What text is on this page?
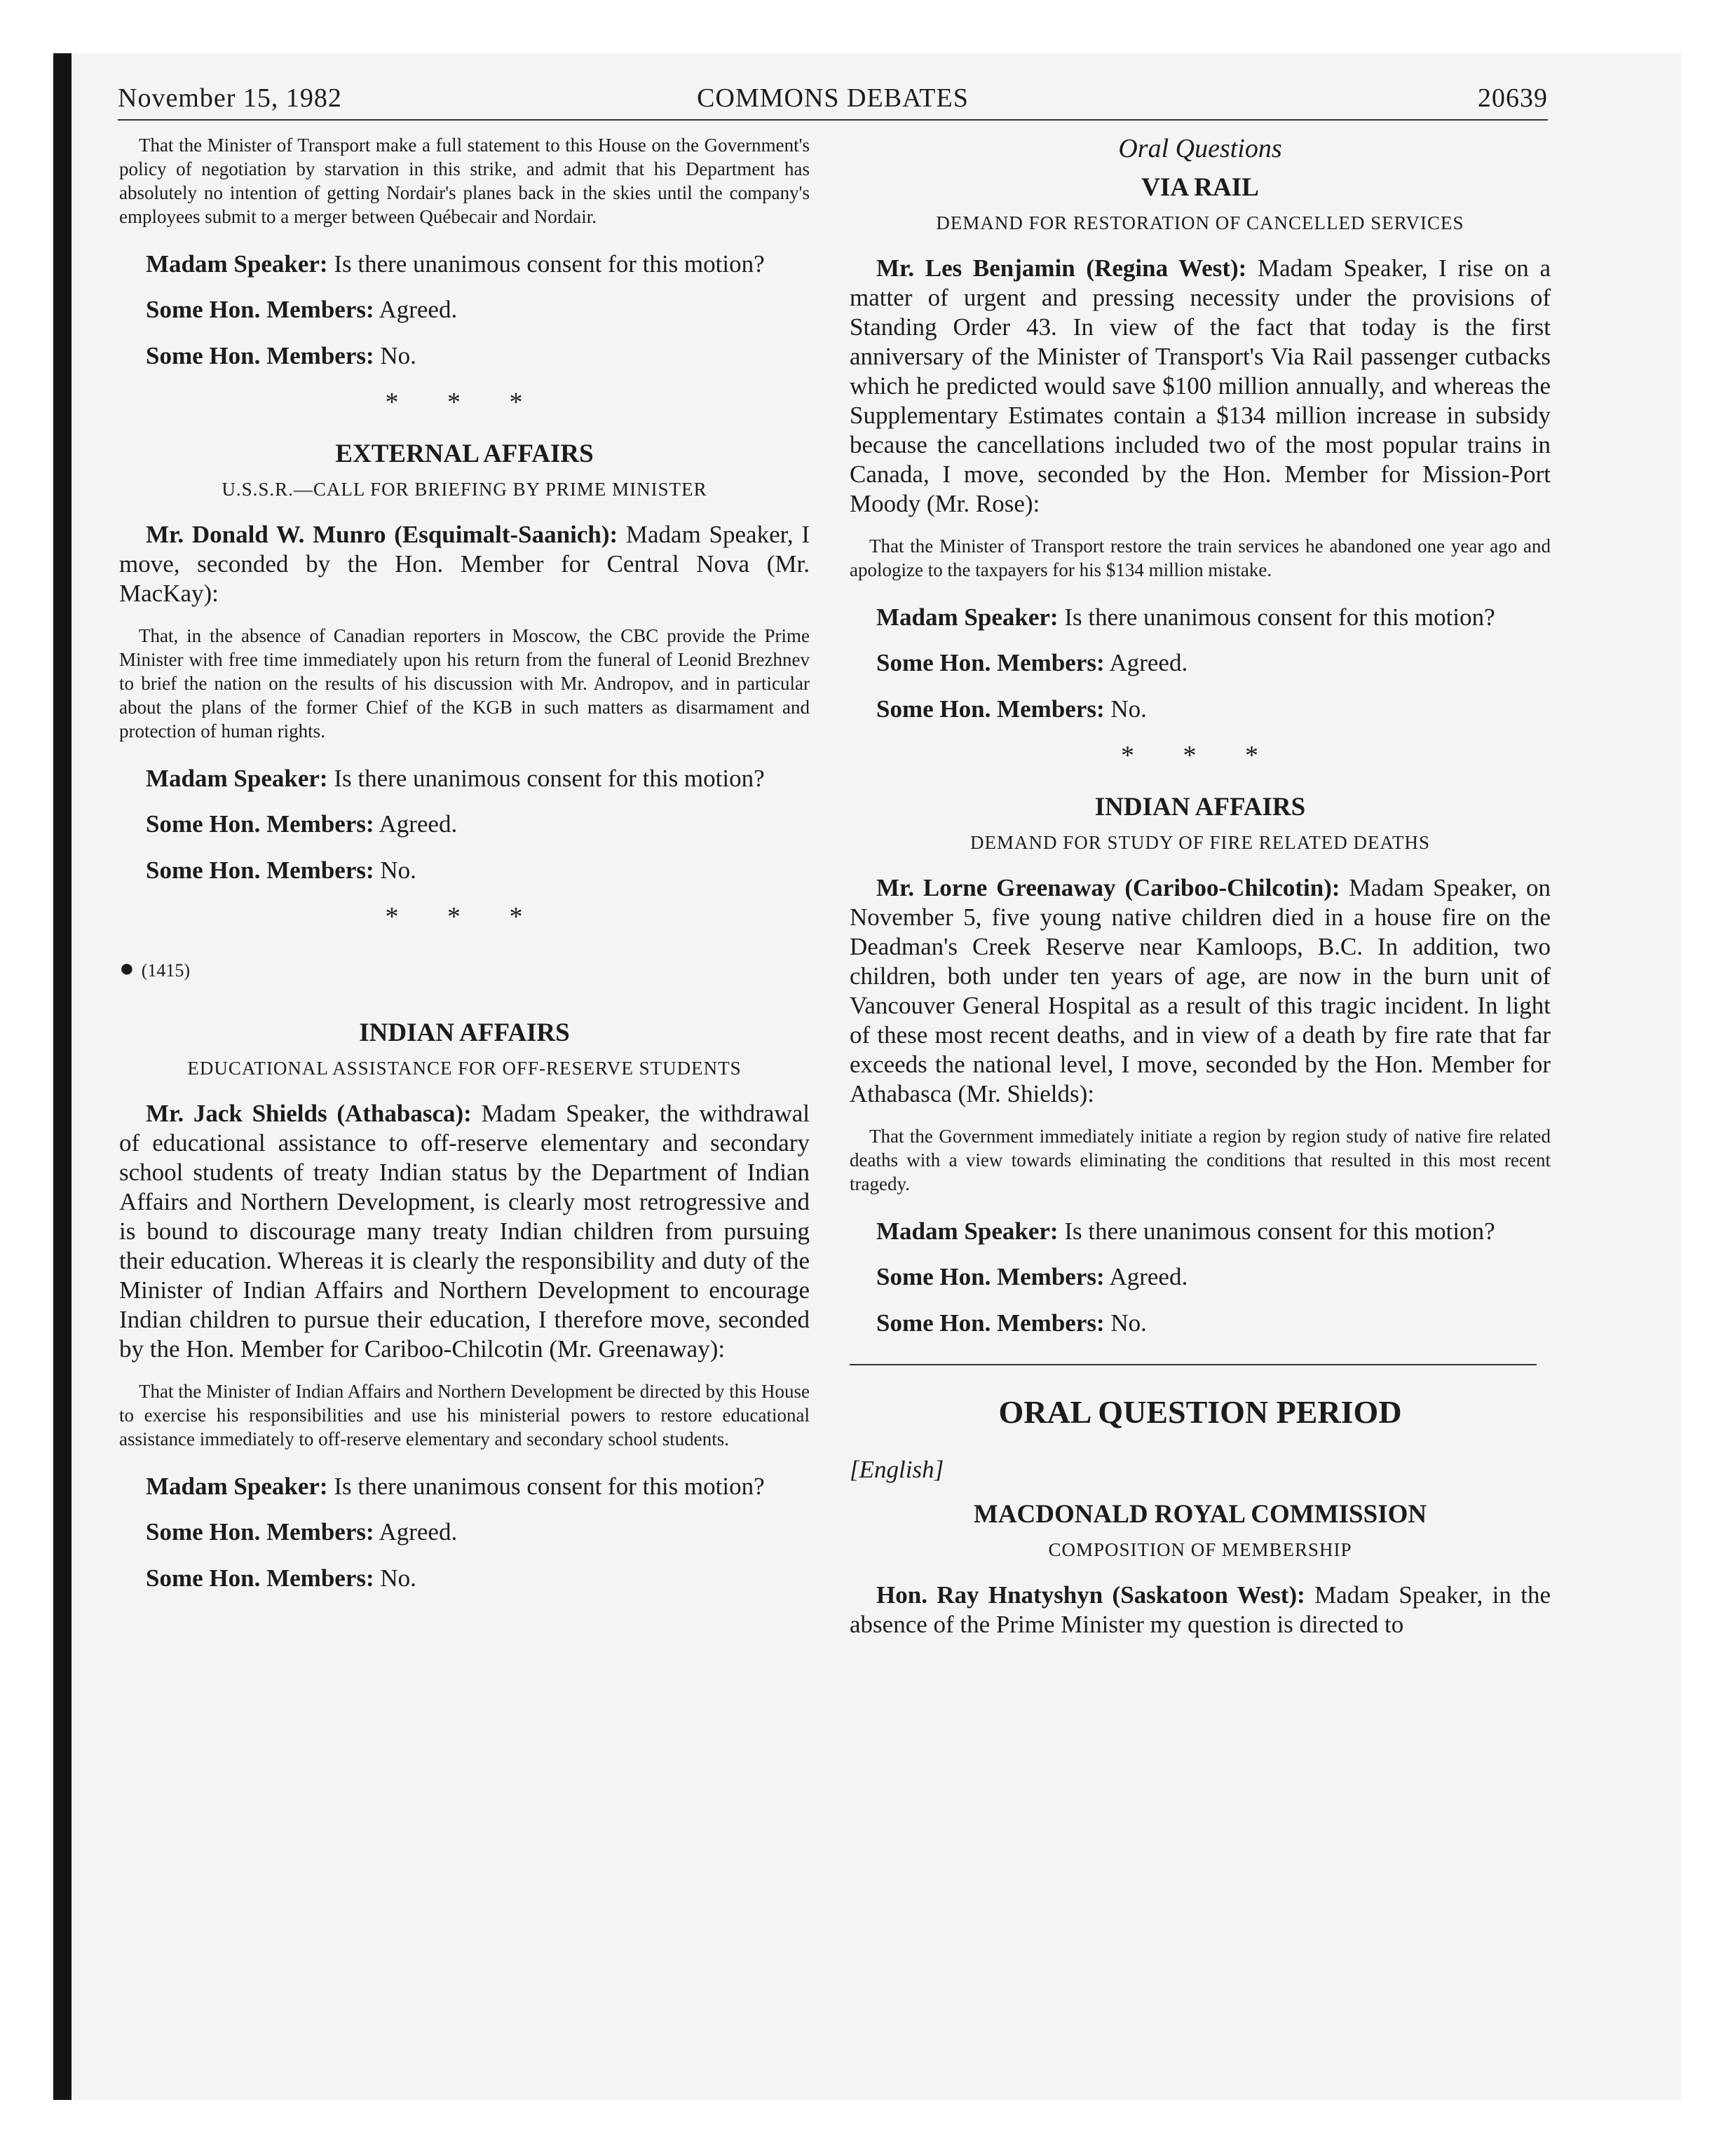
November 15, 1982	COMMONS DEBATES	20639

That the Minister of Transport make a full statement to this House on the Government's policy of negotiation by starvation in this strike, and admit that his Department has absolutely no intention of getting Nordair's planes back in the skies until the company's employees submit to a merger between Québecair and Nordair.

Madam Speaker: Is there unanimous consent for this motion?

Some Hon. Members: Agreed.

Some Hon. Members: No.

* * *

EXTERNAL AFFAIRS

U.S.S.R.—CALL FOR BRIEFING BY PRIME MINISTER

Mr. Donald W. Munro (Esquimalt-Saanich): Madam Speaker, I move, seconded by the Hon. Member for Central Nova (Mr. MacKay):

That, in the absence of Canadian reporters in Moscow, the CBC provide the Prime Minister with free time immediately upon his return from the funeral of Leonid Brezhnev to brief the nation on the results of his discussion with Mr. Andropov, and in particular about the plans of the former Chief of the KGB in such matters as disarmament and protection of human rights.

Madam Speaker: Is there unanimous consent for this motion?

Some Hon. Members: Agreed.

Some Hon. Members: No.

* * *

● (1415)

INDIAN AFFAIRS

EDUCATIONAL ASSISTANCE FOR OFF-RESERVE STUDENTS

Mr. Jack Shields (Athabasca): Madam Speaker, the withdrawal of educational assistance to off-reserve elementary and secondary school students of treaty Indian status by the Department of Indian Affairs and Northern Development, is clearly most retrogressive and is bound to discourage many treaty Indian children from pursuing their education. Whereas it is clearly the responsibility and duty of the Minister of Indian Affairs and Northern Development to encourage Indian children to pursue their education, I therefore move, seconded by the Hon. Member for Cariboo-Chilcotin (Mr. Greenaway):

That the Minister of Indian Affairs and Northern Development be directed by this House to exercise his responsibilities and use his ministerial powers to restore educational assistance immediately to off-reserve elementary and secondary school students.

Madam Speaker: Is there unanimous consent for this motion?

Some Hon. Members: Agreed.

Some Hon. Members: No.

Oral Questions

VIA RAIL

DEMAND FOR RESTORATION OF CANCELLED SERVICES

Mr. Les Benjamin (Regina West): Madam Speaker, I rise on a matter of urgent and pressing necessity under the provisions of Standing Order 43. In view of the fact that today is the first anniversary of the Minister of Transport's Via Rail passenger cutbacks which he predicted would save $100 million annually, and whereas the Supplementary Estimates contain a $134 million increase in subsidy because the cancellations included two of the most popular trains in Canada, I move, seconded by the Hon. Member for Mission-Port Moody (Mr. Rose):

That the Minister of Transport restore the train services he abandoned one year ago and apologize to the taxpayers for his $134 million mistake.

Madam Speaker: Is there unanimous consent for this motion?

Some Hon. Members: Agreed.

Some Hon. Members: No.

* * *

INDIAN AFFAIRS

DEMAND FOR STUDY OF FIRE RELATED DEATHS

Mr. Lorne Greenaway (Cariboo-Chilcotin): Madam Speaker, on November 5, five young native children died in a house fire on the Deadman's Creek Reserve near Kamloops, B.C. In addition, two children, both under ten years of age, are now in the burn unit of Vancouver General Hospital as a result of this tragic incident. In light of these most recent deaths, and in view of a death by fire rate that far exceeds the national level, I move, seconded by the Hon. Member for Athabasca (Mr. Shields):

That the Government immediately initiate a region by region study of native fire related deaths with a view towards eliminating the conditions that resulted in this most recent tragedy.

Madam Speaker: Is there unanimous consent for this motion?

Some Hon. Members: Agreed.

Some Hon. Members: No.

ORAL QUESTION PERIOD

[English]

MACDONALD ROYAL COMMISSION

COMPOSITION OF MEMBERSHIP

Hon. Ray Hnatyshyn (Saskatoon West): Madam Speaker, in the absence of the Prime Minister my question is directed to
